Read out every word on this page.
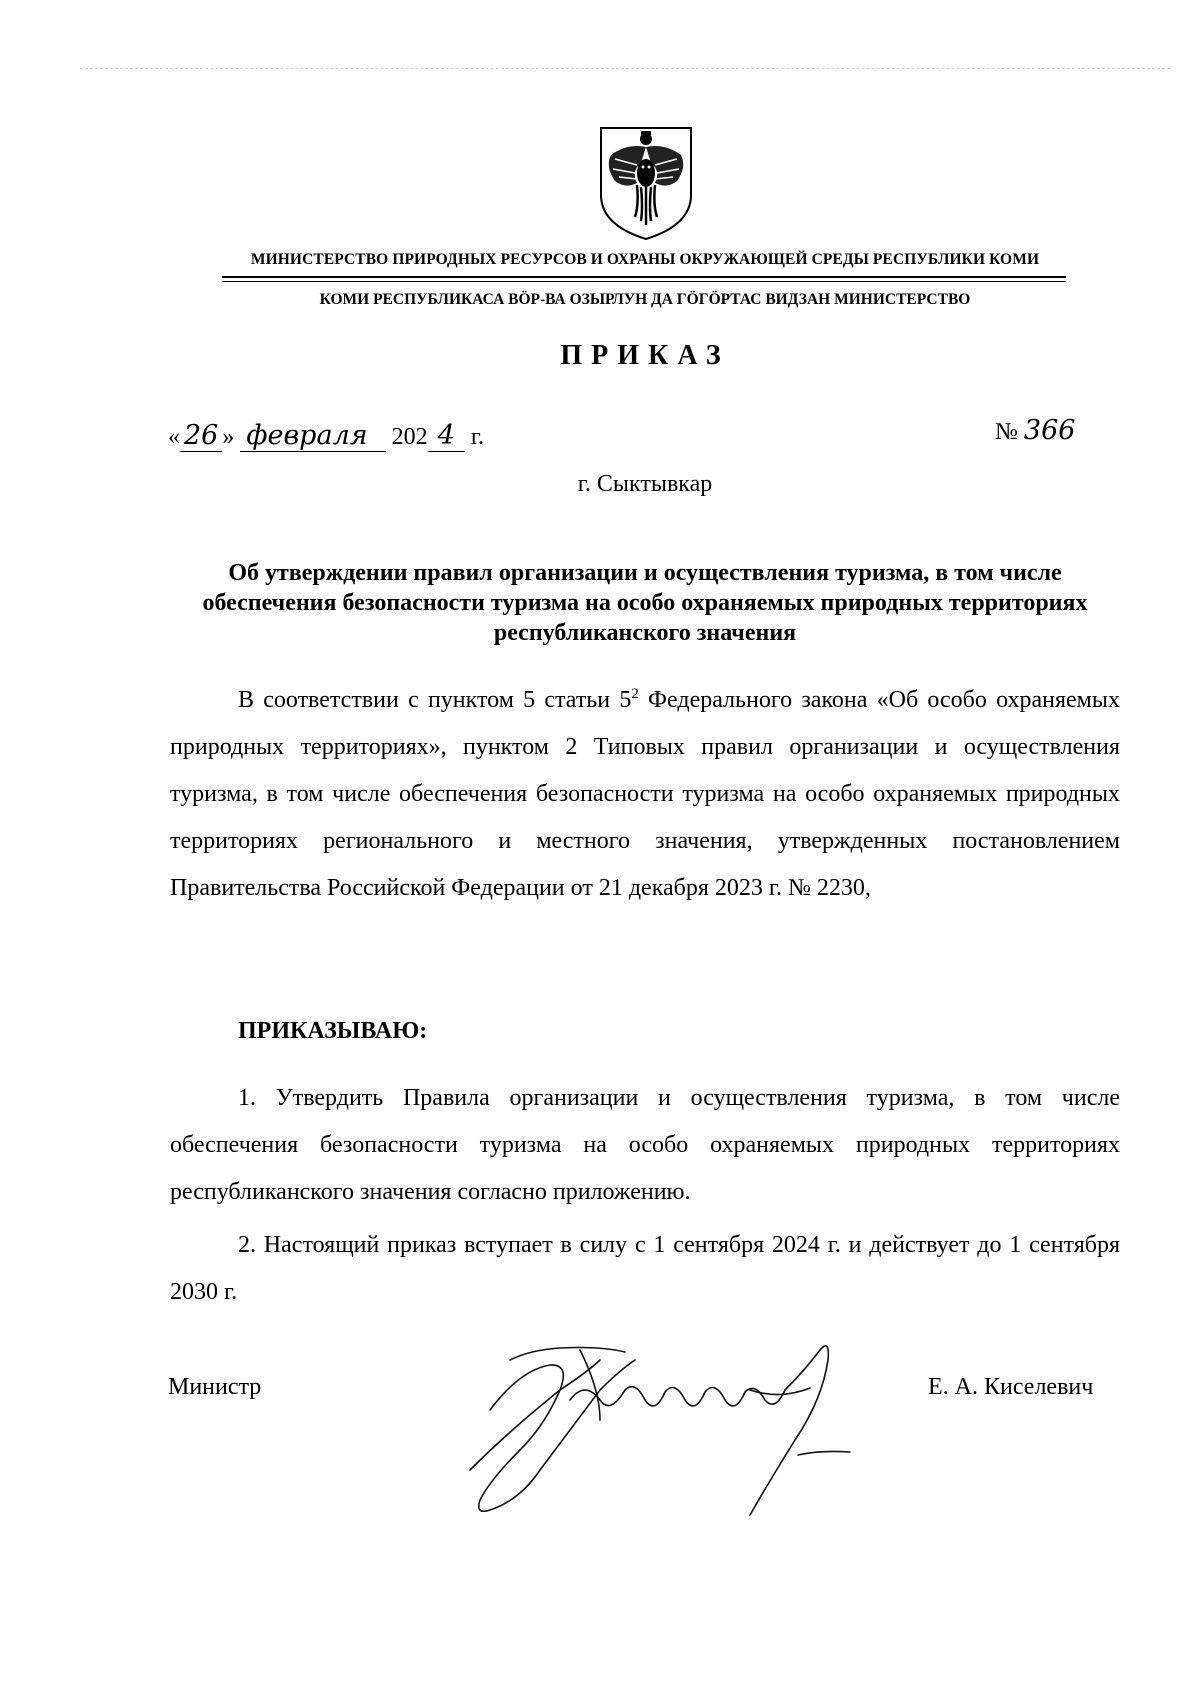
МИНИСТЕРСТВО ПРИРОДНЫХ РЕСУРСОВ И ОХРАНЫ ОКРУЖАЮЩЕЙ СРЕДЫ РЕСПУБЛИКИ КОМИ
КОМИ РЕСПУБЛИКАСА ВӦР-ВА ОЗЫРЛУН ДА ГӦГӦРТАС ВИДЗАН МИНИСТЕРСТВО
ПРИКАЗ
« 26 » февраля 202 4 г.	№ 366
г. Сыктывкар
Об утверждении правил организации и осуществления туризма, в том числе обеспечения безопасности туризма на особо охраняемых природных территориях республиканского значения
В соответствии с пунктом 5 статьи $5^2$ Федерального закона «Об особо охраняемых природных территориях», пунктом 2 Типовых правил организации и осуществления туризма, в том числе обеспечения безопасности туризма на особо охраняемых природных территориях регионального и местного значения, утвержденных постановлением Правительства Российской Федерации от 21 декабря 2023 г. № 2230,
ПРИКАЗЫВАЮ:
1. Утвердить Правила организации и осуществления туризма, в том числе обеспечения безопасности туризма на особо охраняемых природных территориях республиканского значения согласно приложению.
2. Настоящий приказ вступает в силу с 1 сентября 2024 г. и действует до 1 сентября 2030 г.
Министр	Е. А. Киселевич
